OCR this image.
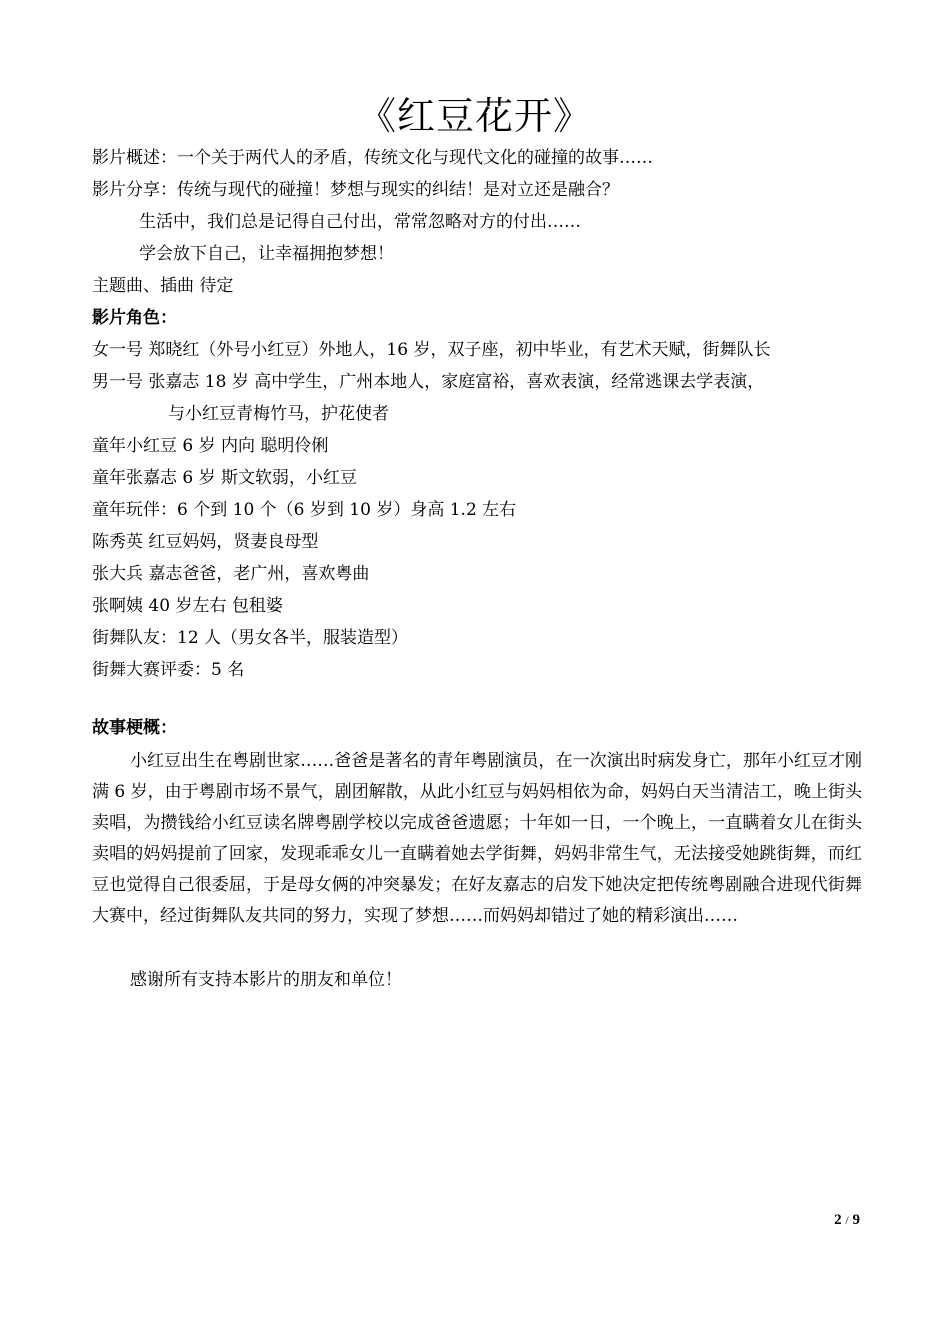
《红豆花开》
影片概述：一个关于两代人的矛盾，传统文化与现代文化的碰撞的故事……
影片分享：传统与现代的碰撞！梦想与现实的纠结！是对立还是融合？
生活中，我们总是记得自己付出，常常忽略对方的付出……
学会放下自己，让幸福拥抱梦想！
主题曲、插曲 待定
影片角色：
女一号 郑晓红（外号小红豆）外地人，16 岁，双子座，初中毕业，有艺术天赋，街舞队长
男一号 张嘉志 18 岁 高中学生，广州本地人，家庭富裕，喜欢表演，经常逃课去学表演，
与小红豆青梅竹马，护花使者
童年小红豆 6 岁 内向 聪明伶俐
童年张嘉志 6 岁 斯文软弱，小红豆
童年玩伴：6 个到 10 个（6 岁到 10 岁）身高 1.2 左右
陈秀英 红豆妈妈，贤妻良母型
张大兵 嘉志爸爸，老广州，喜欢粤曲
张啊姨 40 岁左右 包租婆
街舞队友：12 人（男女各半，服装造型）
街舞大赛评委：5 名
故事梗概：
小红豆出生在粤剧世家……爸爸是著名的青年粤剧演员，在一次演出时病发身亡，那年小红豆才刚满 6 岁，由于粤剧市场不景气，剧团解散，从此小红豆与妈妈相依为命，妈妈白天当清洁工，晚上街头卖唱，为攒钱给小红豆读名牌粤剧学校以完成爸爸遗愿；十年如一日，一个晚上，一直瞒着女儿在街头卖唱的妈妈提前了回家，发现乖乖女儿一直瞒着她去学街舞，妈妈非常生气，无法接受她跳街舞，而红豆也觉得自己很委屈，于是母女俩的冲突暴发；在好友嘉志的启发下她决定把传统粤剧融合进现代街舞大赛中，经过街舞队友共同的努力，实现了梦想……而妈妈却错过了她的精彩演出……
感谢所有支持本影片的朋友和单位！
2 / 9
